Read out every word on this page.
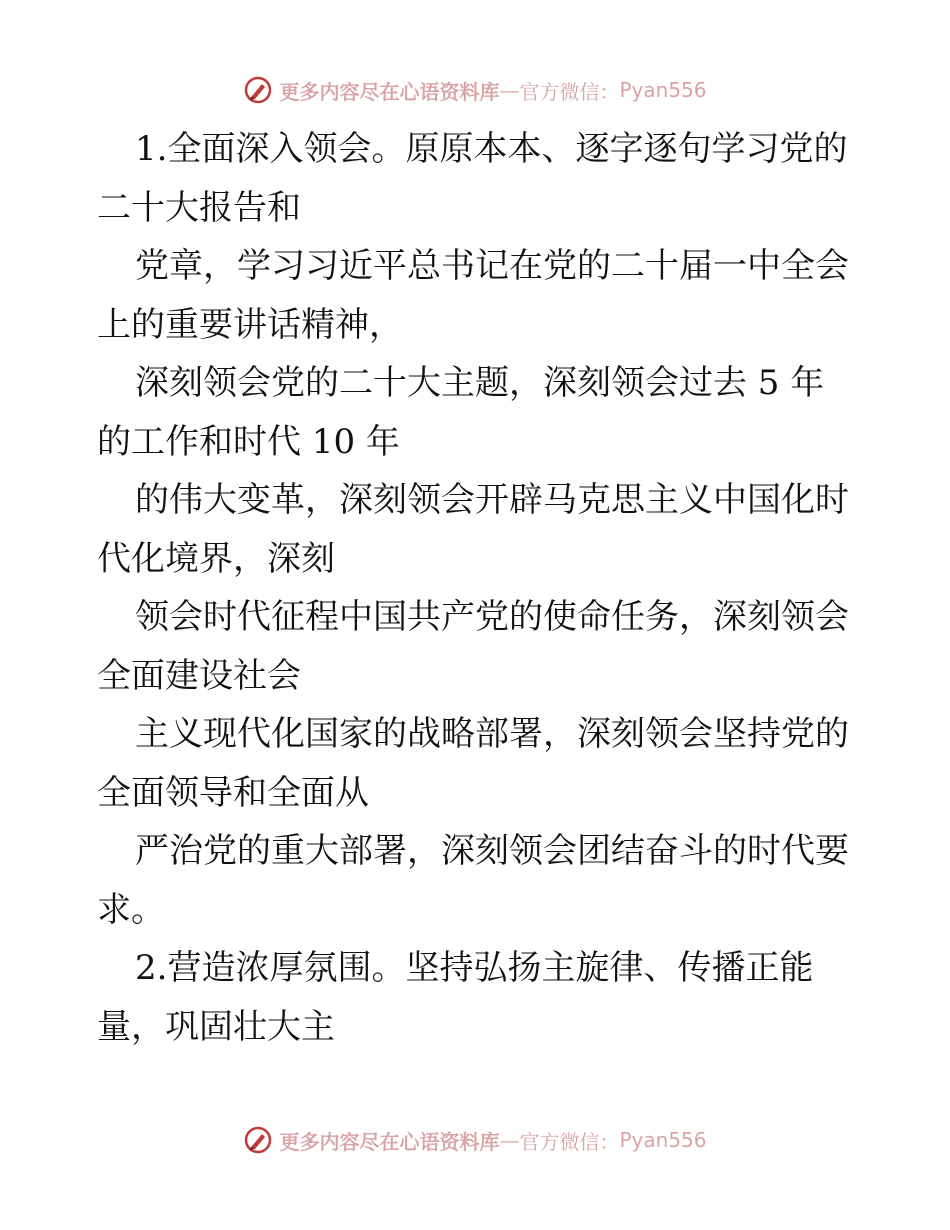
更多内容尽在心语资料库 — 官方微信： Pyan556
1.全面深入领会。原原本本、逐字逐句学习党的
二十大报告和
党章，学习习近平总书记在党的二十届一中全会
上的重要讲话精神，
深刻领会党的二十大主题，深刻领会过去 5 年
的工作和时代 10 年
的伟大变革，深刻领会开辟马克思主义中国化时
代化境界，深刻
领会时代征程中国共产党的使命任务，深刻领会
全面建设社会
主义现代化国家的战略部署，深刻领会坚持党的
全面领导和全面从
严治党的重大部署，深刻领会团结奋斗的时代要
求。
2.营造浓厚氛围。坚持弘扬主旋律、传播正能
量，巩固壮大主
更多内容尽在心语资料库 — 官方微信： Pyan556
